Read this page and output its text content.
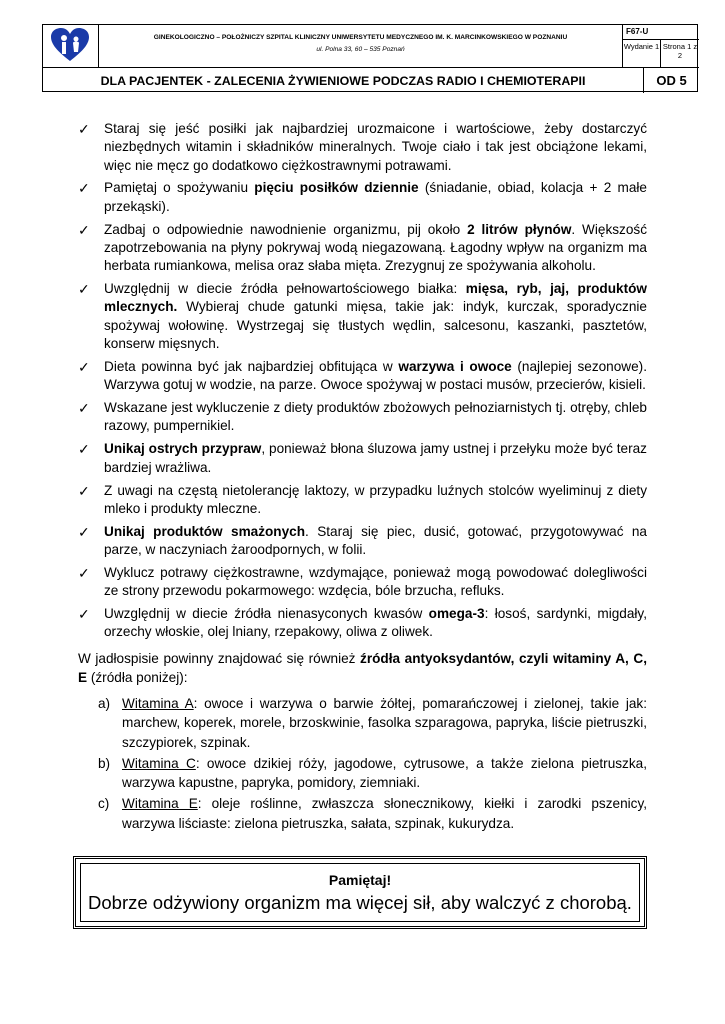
GINEKOLOGICZNO – POŁOŻNICZY SZPITAL KLINICZNY UNIWERSYTETU MEDYCZNEGO IM. K. MARCINKOWSKIEGO W POZNANIU
ul. Polna 33, 60 – 535 Poznań
F67-U
Wydanie 1 Strona 1 z 2
DLA PACJENTEK - ZALECENIA ŻYWIENIOWE PODCZAS RADIO I CHEMIOTERAPII	OD 5
✓ Staraj się jeść posiłki jak najbardziej urozmaicone i wartościowe, żeby dostarczyć niezbędnych witamin i składników mineralnych. Twoje ciało i tak jest obciążone lekami, więc nie męcz go dodatkowo ciężkostrawnymi potrawami.
✓ Pamiętaj o spożywaniu pięciu posiłków dziennie (śniadanie, obiad, kolacja + 2 małe przekąski).
✓ Zadbaj o odpowiednie nawodnienie organizmu, pij około 2 litrów płynów. Większość zapotrzebowania na płyny pokrywaj wodą niegazowaną. Łagodny wpływ na organizm ma herbata rumiankowa, melisa oraz słaba mięta. Zrezygnuj ze spożywania alkoholu.
✓ Uwzględnij w diecie źródła pełnowartościowego białka: mięsa, ryb, jaj, produktów mlecznych. Wybieraj chude gatunki mięsa, takie jak: indyk, kurczak, sporadycznie spożywaj wołowinę. Wystrzegaj się tłustych wędlin, salcesonu, kaszanki, pasztetów, konserw mięsnych.
✓ Dieta powinna być jak najbardziej obfitująca w warzywa i owoce (najlepiej sezonowe). Warzywa gotuj w wodzie, na parze. Owoce spożywaj w postaci musów, przecierów, kisieli.
✓ Wskazane jest wykluczenie z diety produktów zbożowych pełnoziarnistych tj. otręby, chleb razowy, pumpernikiel.
✓ Unikaj ostrych przypraw, ponieważ błona śluzowa jamy ustnej i przełyku może być teraz bardziej wrażliwa.
✓ Z uwagi na częstą nietolerancję laktozy, w przypadku luźnych stolców wyeliminuj z diety mleko i produkty mleczne.
✓ Unikaj produktów smażonych. Staraj się piec, dusić, gotować, przygotowywać na parze, w naczyniach żaroodpornych, w folii.
✓ Wyklucz potrawy ciężkostrawne, wzdymające, ponieważ mogą powodować dolegliwości ze strony przewodu pokarmowego: wzdęcia, bóle brzucha, refluks.
✓ Uwzględnij w diecie źródła nienasyconych kwasów omega-3: łosoś, sardynki, migdały, orzechy włoskie, olej lniany, rzepakowy, oliwa z oliwek.
W jadłospisie powinny znajdować się również źródła antyoksydantów, czyli witaminy A, C, E (źródła poniżej):
a) Witamina A: owoce i warzywa o barwie żółtej, pomarańczowej i zielonej, takie jak: marchew, koperek, morele, brzoskwinie, fasolka szparagowa, papryka, liście pietruszki, szczypiorek, szpinak.
b) Witamina C: owoce dzikiej róży, jagodowe, cytrusowe, a także zielona pietruszka, warzywa kapustne, papryka, pomidory, ziemniaki.
c) Witamina E: oleje roślinne, zwłaszcza słonecznikowy, kiełki i zarodki pszenicy, warzywa liściaste: zielona pietruszka, sałata, szpinak, kukurydza.
Pamiętaj!
Dobrze odżywiony organizm ma więcej sił, aby walczyć z chorobą.
